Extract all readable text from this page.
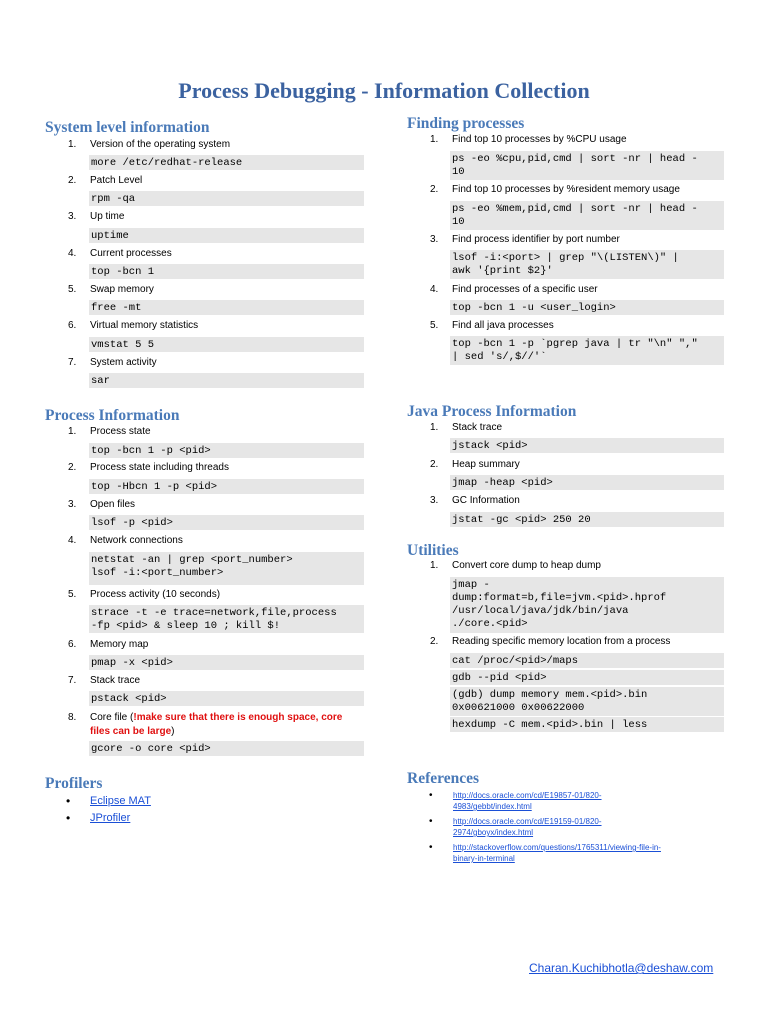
Process Debugging - Information Collection
System level information
1. Version of the operating system
more /etc/redhat-release
2. Patch Level
rpm -qa
3. Up time
uptime
4. Current processes
top -bcn 1
5. Swap memory
free -mt
6. Virtual memory statistics
vmstat 5 5
7. System activity
sar
Process Information
1. Process state
top -bcn 1 -p <pid>
2. Process state including threads
top -Hbcn 1 -p <pid>
3. Open files
lsof -p <pid>
4. Network connections
netstat -an | grep <port_number>
lsof -i:<port_number>
5. Process activity (10 seconds)
strace -t -e trace=network,file,process
-fp <pid> & sleep 10 ; kill $!
6. Memory map
pmap -x <pid>
7. Stack trace
pstack <pid>
8. Core file (!make sure that there is enough space, core
files can be large)
gcore -o core <pid>
Profilers
• Eclipse MAT
• JProfiler
Finding processes
1. Find top 10 processes by %CPU usage
ps -eo %cpu,pid,cmd | sort -nr | head -
10
2. Find top 10 processes by %resident memory usage
ps -eo %mem,pid,cmd | sort -nr | head -
10
3. Find process identifier by port number
lsof -i:<port> | grep "\(LISTEN\)" |
awk '{print $2}'
4. Find processes of a specific user
top -bcn 1 -u <user_login>
5. Find all java processes
top -bcn 1 -p `pgrep java | tr "\n" ","
| sed 's/,$//'`
Java Process Information
1. Stack trace
jstack <pid>
2. Heap summary
jmap -heap <pid>
3. GC Information
jstat -gc <pid> 250 20
Utilities
1. Convert core dump to heap dump
jmap -
dump:format=b,file=jvm.<pid>.hprof
/usr/local/java/jdk/bin/java
./core.<pid>
2. Reading specific memory location from a process
cat /proc/<pid>/maps
gdb --pid <pid>
(gdb) dump memory mem.<pid>.bin
0x00621000 0x00622000
hexdump -C mem.<pid>.bin | less
References
•	http://docs.oracle.com/cd/E19857-01/820-
4983/gebbt/index.html
•	http://docs.oracle.com/cd/E19159-01/820-
2974/gboyx/index.html
•	http://stackoverflow.com/questions/1765311/viewing-file-in-
binary-in-terminal
Charan.Kuchibhotla@deshaw.com
